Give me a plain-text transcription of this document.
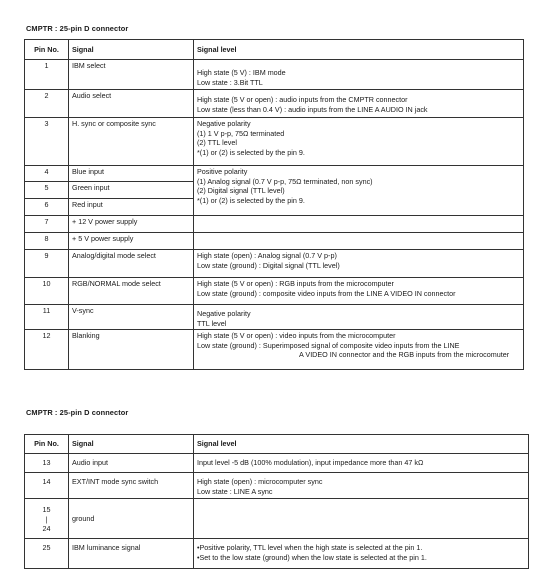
CMPTR : 25-pin D connector
Pin No.	Signal	Signal level
1	IBM select	High state (5 V) : IBM mode
Low state : 3.Bit TTL

2	Audio select	High state (5 V or open) : audio inputs from the CMPTR connector
Low state (less than 0.4 V) : audio inputs from the LINE A AUDIO IN jack

3	H. sync or composite sync	Negative polarity
(1) 1 V p-p, 75Ω terminated
(2) TTL level
*(1) or (2) is selected by the pin 9.

4	Blue input	Positive polarity
(1) Analog signal (0.7 V p-p, 75Ω terminated, non sync)
(2) Digital signal (TTL level)
*(1) or (2) is selected by the pin 9.

5	Green input	
6	Red input	
7	+ 12 V power supply	
8	+ 5 V power supply	
9	Analog/digital mode select	High state (open) : Analog signal (0.7 V p-p)
Low state (ground) : Digital signal (TTL level)

10	RGB/NORMAL mode select	High state (5 V or open) : RGB inputs from the microcomputer
Low state (ground) : composite video inputs from the LINE A VIDEO IN connector

11	V-sync	Negative polarity
TTL level

12	Blanking	High state (5 V or open) : video inputs from the microcomputer
Low state (ground) : Superimposed signal of composite video inputs from the LINE
A VIDEO IN connector and the RGB inputs from the microcomuter
CMPTR : 25-pin D connector
Pin No.	Signal	Signal level
13	Audio input	Input level -5 dB (100% modulation), input impedance more than 47 kΩ

14	EXT/INT mode sync switch	High state (open) : microcomputer sync
Low state : LINE A sync

15
|
24	ground	
25	IBM luminance signal	•Positive polarity, TTL level when the high state is selected at the pin 1.
•Set to the low state (ground) when the low state is selected at the pin 1.
